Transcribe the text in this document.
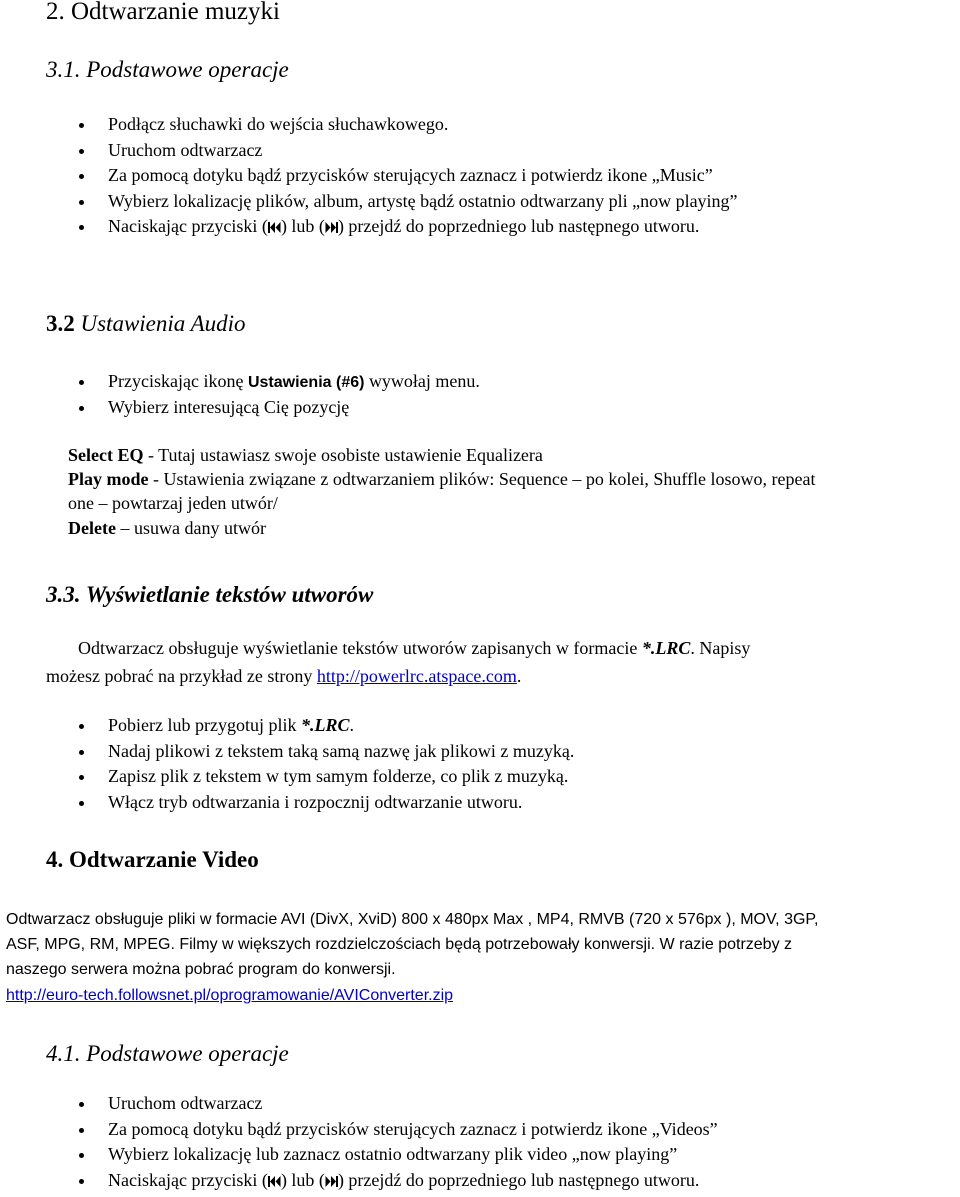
2. Odtwarzanie muzyki
3.1. Podstawowe operacje
Podłącz słuchawki do wejścia słuchawkowego.
Uruchom odtwarzacz
Za pomocą dotyku bądź przycisków sterujących zaznacz i potwierdz ikone „Music”
Wybierz lokalizację plików, album, artystę bądź ostatnio odtwarzany pli „now playing”
Naciskając przyciski ( ) lub ( ) przejdź do poprzedniego lub następnego utworu.
3.2 Ustawienia Audio
Przyciskając ikonę Ustawienia (#6) wywołaj menu.
Wybierz interesującą Cię pozycję
Select EQ - Tutaj ustawiasz swoje osobiste ustawienie Equalizera
Play mode - Ustawienia związane z odtwarzaniem plików: Sequence – po kolei, Shuffle losowo, repeat
one – powtarzaj jeden utwór/
Delete – usuwa dany utwór
3.3. Wyświetlanie tekstów utworów
Odtwarzacz obsługuje wyświetlanie tekstów utworów zapisanych w formacie *.LRC. Napisy
możesz pobrać na przykład ze strony http://powerlrc.atspace.com.
Pobierz lub przygotuj plik *.LRC.
Nadaj plikowi z tekstem taką samą nazwę jak plikowi z muzyką.
Zapisz plik z tekstem w tym samym folderze, co plik z muzyką.
Włącz tryb odtwarzania i rozpocznij odtwarzanie utworu.
4. Odtwarzanie Video
Odtwarzacz obsługuje pliki w formacie AVI (DivX, XviD) 800 x 480px Max , MP4, RMVB (720 x 576px ), MOV, 3GP,
ASF, MPG, RM, MPEG. Filmy w większych rozdzielczościach będą potrzebowały konwersji. W razie potrzeby z
naszego serwera można pobrać program do konwersji.
http://euro-tech.followsnet.pl/oprogramowanie/AVIConverter.zip
4.1. Podstawowe operacje
Uruchom odtwarzacz
Za pomocą dotyku bądź przycisków sterujących zaznacz i potwierdz ikone „Videos”
Wybierz lokalizację lub zaznacz ostatnio odtwarzany plik video „now playing”
Naciskając przyciski ( ) lub ( ) przejdź do poprzedniego lub następnego utworu.
